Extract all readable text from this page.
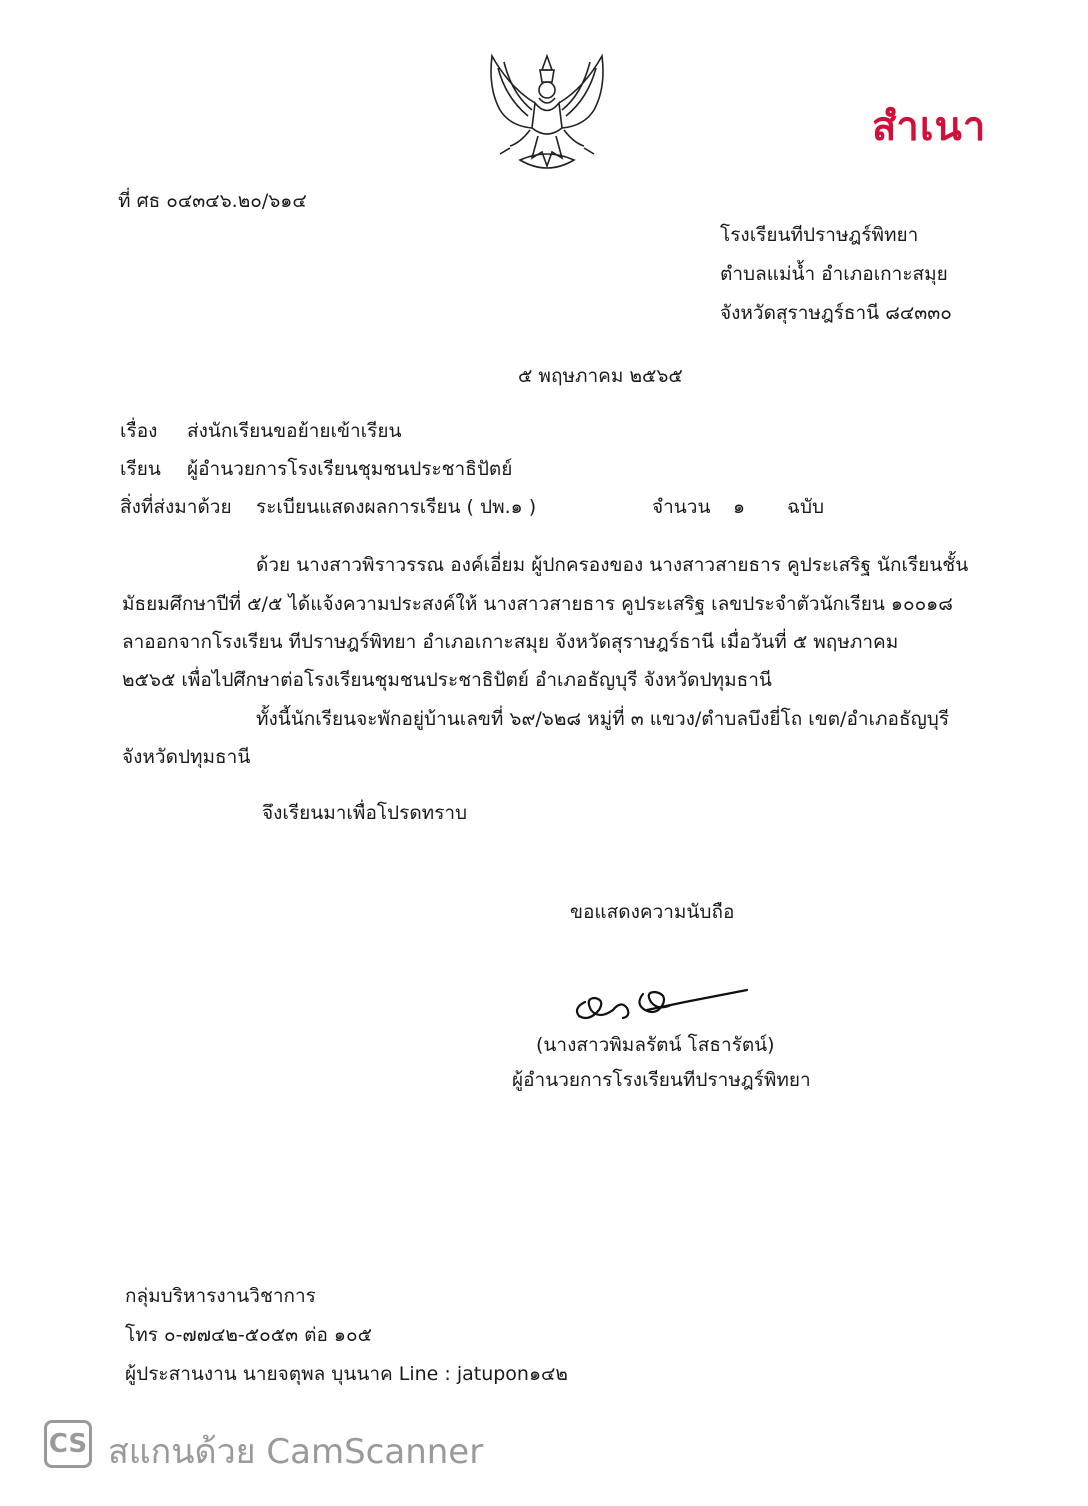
สำเนา
ที่ ศธ ๐๔๓๔๖.๒๐/๖๑๔
โรงเรียนทีปราษฎร์พิทยา
ตำบลแม่น้ำ อำเภอเกาะสมุย
จังหวัดสุราษฎร์ธานี ๘๔๓๓๐
๕ พฤษภาคม ๒๕๖๕
เรื่อง ส่งนักเรียนขอย้ายเข้าเรียน
เรียน ผู้อำนวยการโรงเรียนชุมชนประชาธิปัตย์
สิ่งที่ส่งมาด้วย ระเบียนแสดงผลการเรียน ( ปพ.๑ )	จำนวน ๑ ฉบับ
ด้วย นางสาวพิราวรรณ องค์เอี่ยม ผู้ปกครองของ นางสาวสายธาร คูประเสริฐ นักเรียนชั้น
มัธยมศึกษาปีที่ ๕/๕ ได้แจ้งความประสงค์ให้ นางสาวสายธาร คูประเสริฐ เลขประจำตัวนักเรียน ๑๐๐๑๘
ลาออกจากโรงเรียน ทีปราษฎร์พิทยา อำเภอเกาะสมุย จังหวัดสุราษฎร์ธานี เมื่อวันที่ ๕ พฤษภาคม
๒๕๖๕ เพื่อไปศึกษาต่อโรงเรียนชุมชนประชาธิปัตย์ อำเภอธัญบุรี จังหวัดปทุมธานี
ทั้งนี้นักเรียนจะพักอยู่บ้านเลขที่ ๖๙/๖๒๘ หมู่ที่ ๓ แขวง/ตำบลบึงยี่โถ เขต/อำเภอธัญบุรี
จังหวัดปทุมธานี
จึงเรียนมาเพื่อโปรดทราบ
ขอแสดงความนับถือ
(นางสาวพิมลรัตน์ โสธารัตน์)
ผู้อำนวยการโรงเรียนทีปราษฎร์พิทยา
กลุ่มบริหารงานวิชาการ
โทร ๐-๗๗๔๒-๕๐๕๓ ต่อ ๑๐๕
ผู้ประสานงาน นายจตุพล บุนนาค Line : jatupon๑๔๒
CS สแกนด้วย CamScanner
